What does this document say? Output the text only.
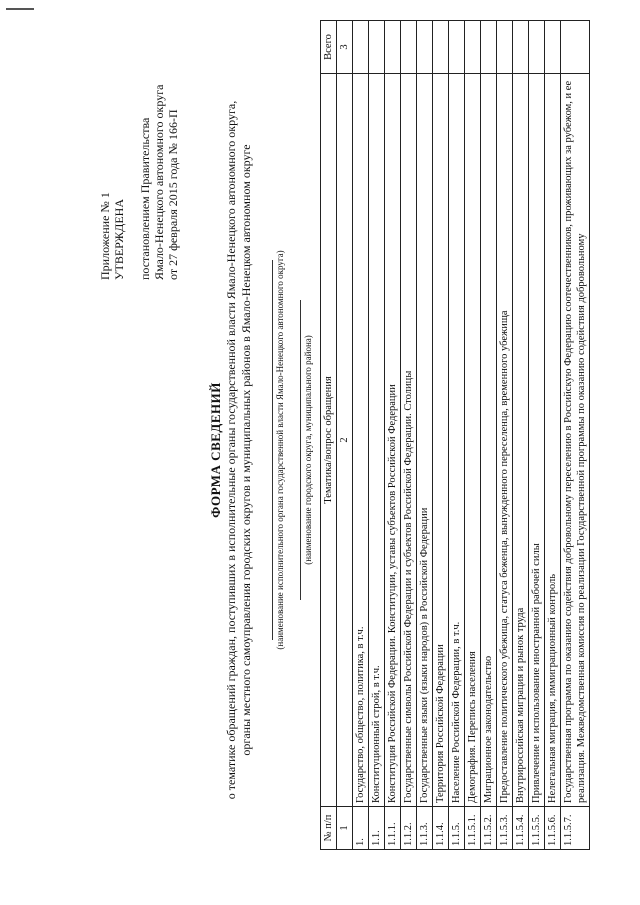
Приложение № 1 УТВЕРЖДЕНА постановлением Правительства Ямало-Ненецкого автономного округа от 27 февраля 2015 года № 166-П
ФОРМА СВЕДЕНИЙ о тематике обращений граждан, поступивших в исполнительные органы государственной власти Ямало-Ненецкого автономного округа, органы местного самоуправления городских округов и муниципальных районов в Ямало-Ненецком автономном округе (наименование исполнительного органа государственной власти Ямало-Ненецкого автономного округа) (наименование городского округа, муниципального района)
№ п/п	Тематика/вопрос обращения	Всего
1	2	3
1.	Государство, общество, политика, в т.ч.	
1.1.	Конституционный строй, в т.ч.	
1.1.1.	Конституция Российской Федерации. Конституции, уставы субъектов Российской Федерации	
1.1.2.	Государственные символы Российской Федерации и субъектов Российской Федерации. Столицы	
1.1.3.	Государственные языки (языки народов) в Российской Федерации	
1.1.4.	Территория Российской Федерации	
1.1.5.	Население Российской Федерации, в т.ч.	
1.1.5.1.	Демография. Перепись населения	
1.1.5.2.	Миграционное законодательство	
1.1.5.3.	Предоставление политического убежища, статуса беженца, вынужденного переселенца, временного убежища	
1.1.5.4.	Внутрироссийская миграция и рынок труда	
1.1.5.5.	Привлечение и использование иностранной рабочей силы	
1.1.5.6.	Нелегальная миграция, иммиграционный контроль	
1.1.5.7.	Государственная программа по оказанию содействия добровольному переселению в Российскую Федерацию соотечественников, проживающих за рубежом, и ее реализация. Межведомственная комиссия по реализации Государственной программы по оказанию содействия добровольному	
